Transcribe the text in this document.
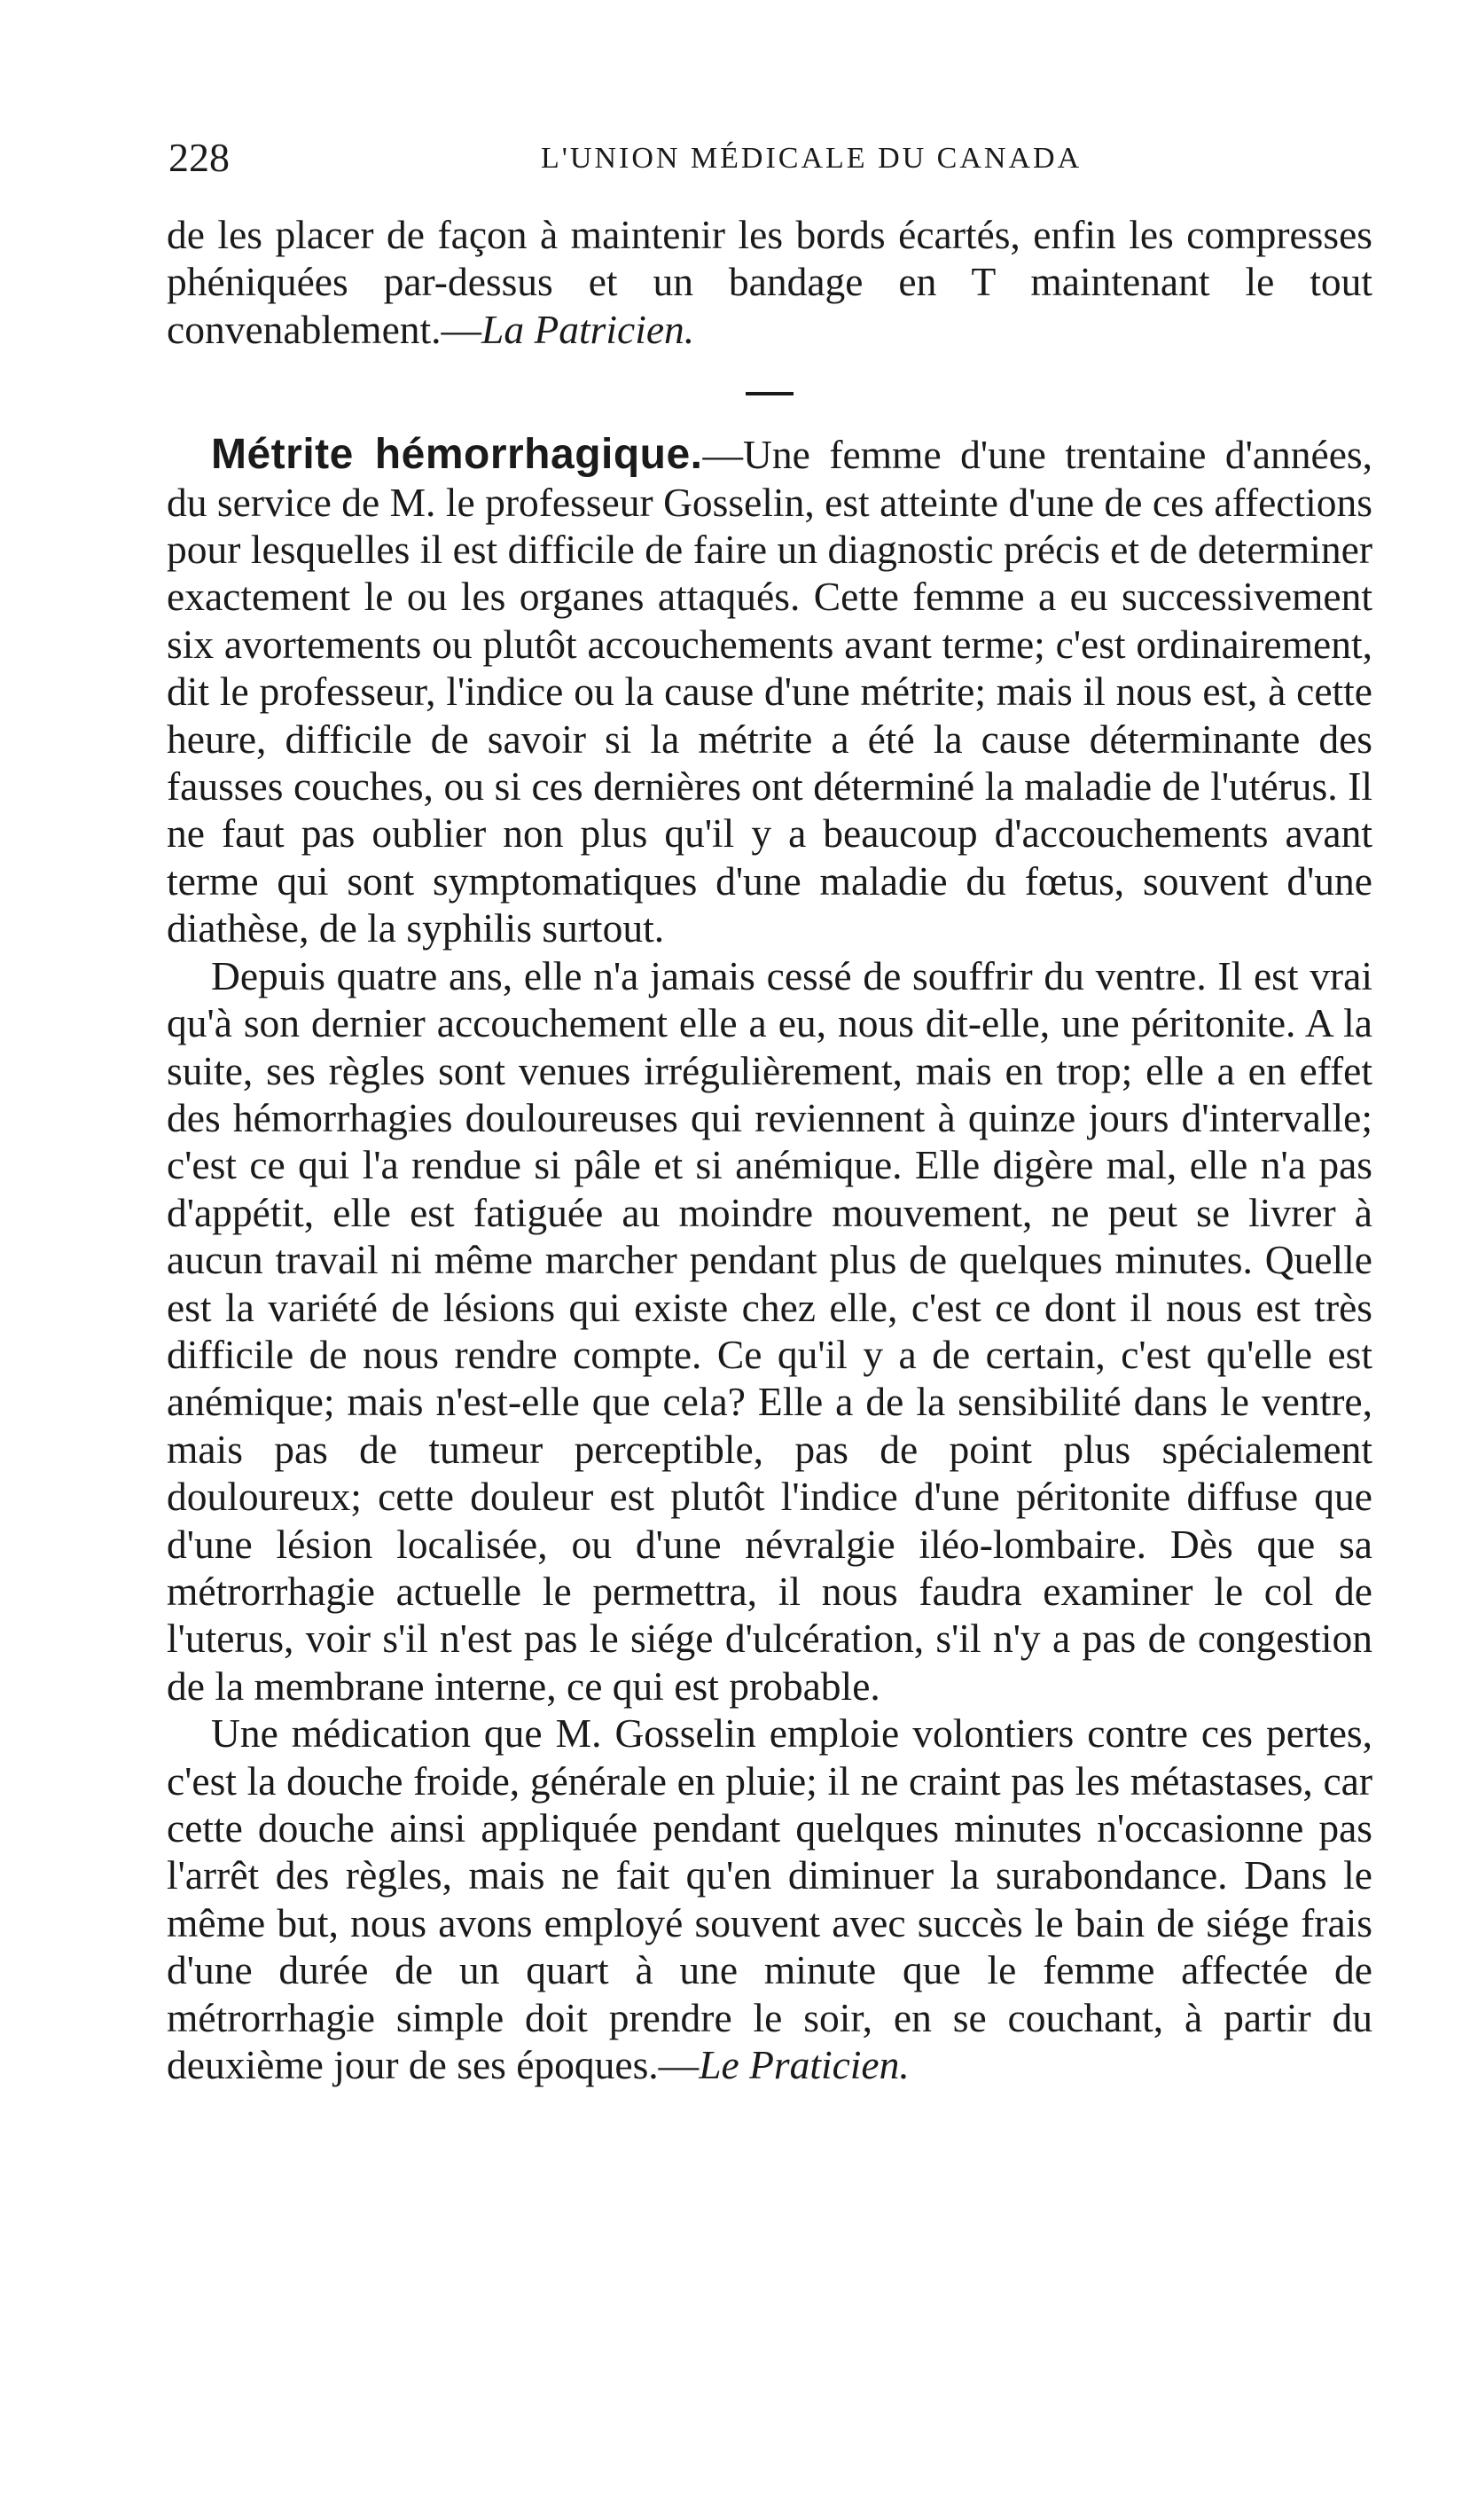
228	L'UNION MÉDICALE DU CANADA

de les placer de façon à maintenir les bords écartés, enfin les compresses phéniquées par-dessus et un bandage en T maintenant le tout convenablement.—La Patricien.

Métrite hémorrhagique.—Une femme d'une trentaine d'années, du service de M. le professeur Gosselin, est atteinte d'une de ces affections pour lesquelles il est difficile de faire un diagnostic précis et de determiner exactement le ou les organes attaqués. Cette femme a eu successivement six avortements ou plutôt accouchements avant terme; c'est ordinairement, dit le professeur, l'indice ou la cause d'une métrite; mais il nous est, à cette heure, difficile de savoir si la métrite a été la cause déterminante des fausses couches, ou si ces dernières ont déterminé la maladie de l'utérus. Il ne faut pas oublier non plus qu'il y a beaucoup d'accouchements avant terme qui sont symptomatiques d'une maladie du fœtus, souvent d'une diathèse, de la syphilis surtout.

Depuis quatre ans, elle n'a jamais cessé de souffrir du ventre. Il est vrai qu'à son dernier accouchement elle a eu, nous dit-elle, une péritonite. A la suite, ses règles sont venues irrégulièrement, mais en trop; elle a en effet des hémorrhagies douloureuses qui reviennent à quinze jours d'intervalle; c'est ce qui l'a rendue si pâle et si anémique. Elle digère mal, elle n'a pas d'appétit, elle est fatiguée au moindre mouvement, ne peut se livrer à aucun travail ni même marcher pendant plus de quelques minutes. Quelle est la variété de lésions qui existe chez elle, c'est ce dont il nous est très difficile de nous rendre compte. Ce qu'il y a de certain, c'est qu'elle est anémique; mais n'est-elle que cela? Elle a de la sensibilité dans le ventre, mais pas de tumeur perceptible, pas de point plus spécialement douloureux; cette douleur est plutôt l'indice d'une péritonite diffuse que d'une lésion localisée, ou d'une névralgie iléo-lombaire. Dès que sa métrorrhagie actuelle le permettra, il nous faudra examiner le col de l'uterus, voir s'il n'est pas le siége d'ulcération, s'il n'y a pas de congestion de la membrane interne, ce qui est probable.

Une médication que M. Gosselin emploie volontiers contre ces pertes, c'est la douche froide, générale en pluie; il ne craint pas les métastases, car cette douche ainsi appliquée pendant quelques minutes n'occasionne pas l'arrêt des règles, mais ne fait qu'en diminuer la surabondance. Dans le même but, nous avons employé souvent avec succès le bain de siége frais d'une durée de un quart à une minute que le femme affectée de métrorrhagie simple doit prendre le soir, en se couchant, à partir du deuxième jour de ses époques.—Le Praticien.
